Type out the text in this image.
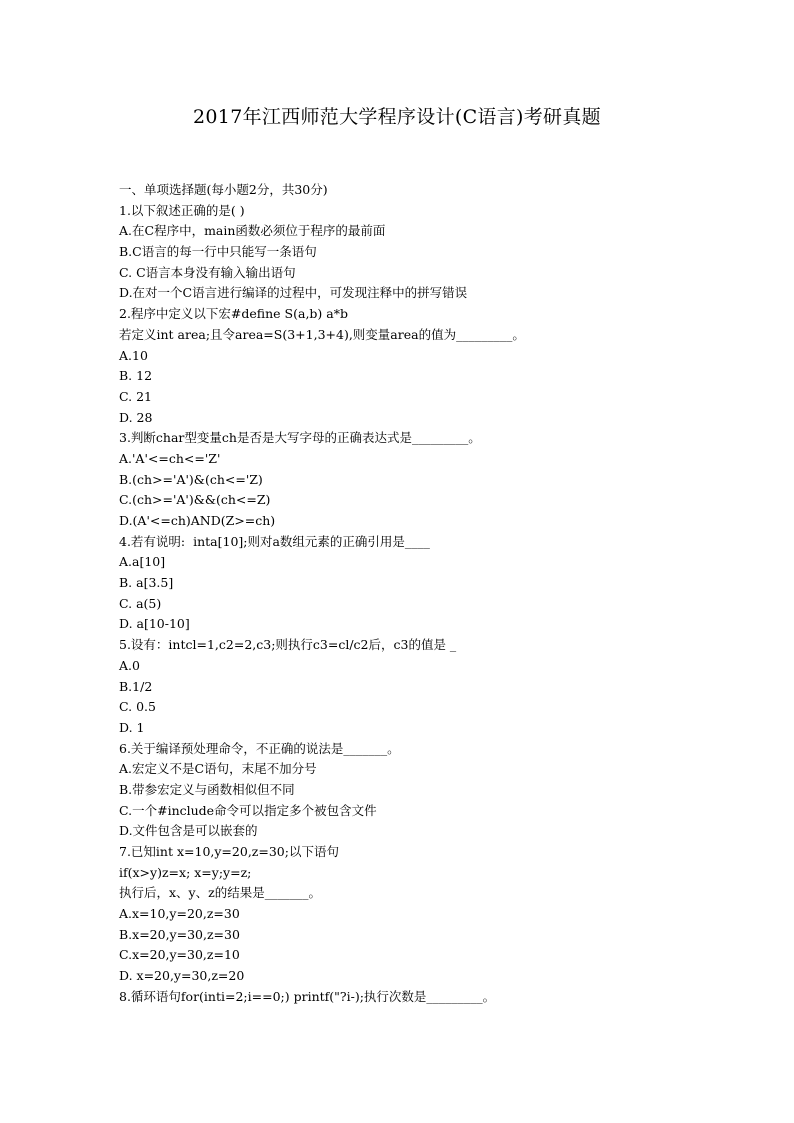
2017年江西师范大学程序设计(C语言)考研真题
一、单项选择题(每小题2分，共30分)
1.以下叙述正确的是( )
A.在C程序中，main函数必须位于程序的最前面
B.C语言的每一行中只能写一条语句
C. C语言本身没有输入输出语句
D.在对一个C语言进行编译的过程中，可发现注释中的拼写错误
2.程序中定义以下宏#define S(a,b) a*b
若定义int area;且令area=S(3+1,3+4),则变量area的值为_________。
A.10
B. 12
C. 21
D. 28
3.判断char型变量ch是否是大写字母的正确表达式是_________。
A.'A'<=ch<='Z'
B.(ch>='A')&(ch<='Z)
C.(ch>='A')&&(ch<=Z)
D.(A'<=ch)AND(Z>=ch)
4.若有说明:  inta[10];则对a数组元素的正确引用是____
A.a[10]
B. a[3.5]
C. a(5)
D. a[10-10]
5.设有：intcl=1,c2=2,c3;则执行c3=cl/c2后，c3的值是 _
A.0
B.1/2
C. 0.5
D. 1
6.关于编译预处理命令，不正确的说法是_______。
A.宏定义不是C语句，末尾不加分号
B.带参宏定义与函数相似但不同
C.一个#include命令可以指定多个被包含文件
D.文件包含是可以嵌套的
7.已知int x=10,y=20,z=30;以下语句
if(x>y)z=x; x=y;y=z;
执行后，x、y、z的结果是_______。
A.x=10,y=20,z=30
B.x=20,y=30,z=30
C.x=20,y=30,z=10
D. x=20,y=30,z=20
8.循环语句for(inti=2;i==0;) printf("?i-);执行次数是_________。
